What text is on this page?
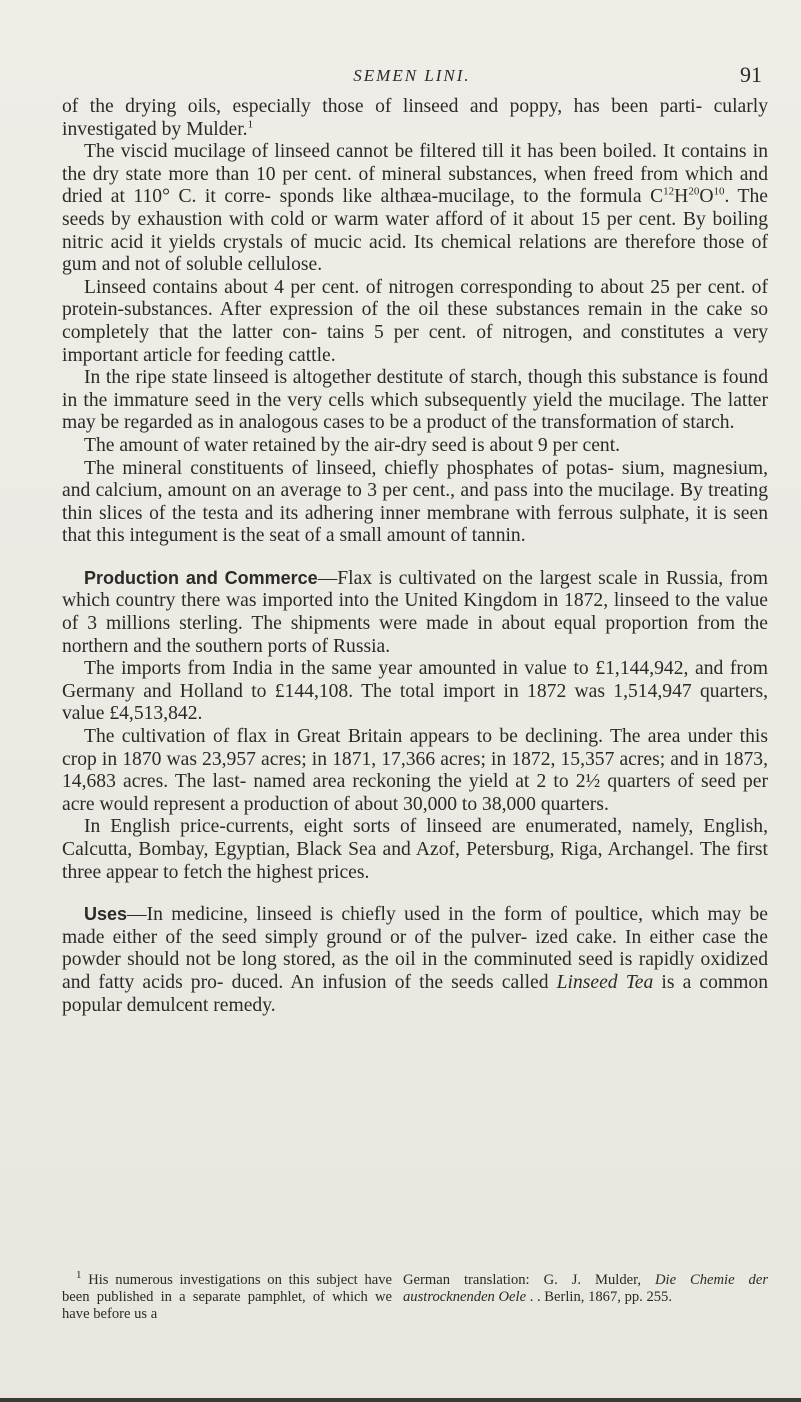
SEMEN LINI.	91

of the drying oils, especially those of linseed and poppy, has been parti- cularly investigated by Mulder.$^1$

The viscid mucilage of linseed cannot be filtered till it has been boiled. It contains in the dry state more than 10 per cent. of mineral substances, when freed from which and dried at 110° C. it corre- sponds like althæa-mucilage, to the formula $C^{12}H^{20}O^{10}$. The seeds by exhaustion with cold or warm water afford of it about 15 per cent. By boiling nitric acid it yields crystals of mucic acid. Its chemical relations are therefore those of gum and not of soluble cellulose.

Linseed contains about 4 per cent. of nitrogen corresponding to about 25 per cent. of protein-substances. After expression of the oil these substances remain in the cake so completely that the latter con- tains 5 per cent. of nitrogen, and constitutes a very important article for feeding cattle.

In the ripe state linseed is altogether destitute of starch, though this substance is found in the immature seed in the very cells which subsequently yield the mucilage. The latter may be regarded as in analogous cases to be a product of the transformation of starch.

The amount of water retained by the air-dry seed is about 9 per cent.

The mineral constituents of linseed, chiefly phosphates of potas- sium, magnesium, and calcium, amount on an average to 3 per cent., and pass into the mucilage. By treating thin slices of the testa and its adhering inner membrane with ferrous sulphate, it is seen that this integument is the seat of a small amount of tannin.

Production and Commerce—Flax is cultivated on the largest scale in Russia, from which country there was imported into the United Kingdom in 1872, linseed to the value of 3 millions sterling. The shipments were made in about equal proportion from the northern and the southern ports of Russia.

The imports from India in the same year amounted in value to £1,144,942, and from Germany and Holland to £144,108. The total import in 1872 was 1,514,947 quarters, value £4,513,842.

The cultivation of flax in Great Britain appears to be declining. The area under this crop in 1870 was 23,957 acres; in 1871, 17,366 acres; in 1872, 15,357 acres; and in 1873, 14,683 acres. The last- named area reckoning the yield at 2 to 2½ quarters of seed per acre would represent a production of about 30,000 to 38,000 quarters.

In English price-currents, eight sorts of linseed are enumerated, namely, English, Calcutta, Bombay, Egyptian, Black Sea and Azof, Petersburg, Riga, Archangel. The first three appear to fetch the highest prices.

Uses—In medicine, linseed is chiefly used in the form of poultice, which may be made either of the seed simply ground or of the pulver- ized cake. In either case the powder should not be long stored, as the oil in the comminuted seed is rapidly oxidized and fatty acids pro- duced. An infusion of the seeds called Linseed Tea is a common popular demulcent remedy.

$^1$ His numerous investigations on this subject have been published in a separate pamphlet, of which we have before us a
German translation: G. J. Mulder, Die Chemie der austrocknenden Oele . . Berlin, 1867, pp. 255.
